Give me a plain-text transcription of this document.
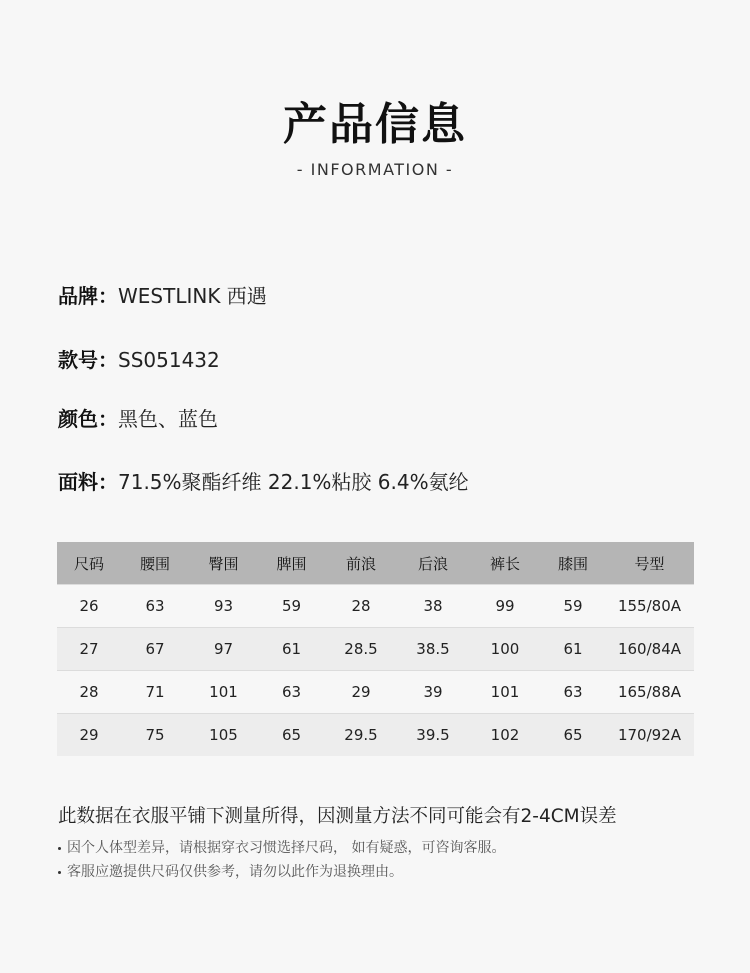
产品信息
- INFORMATION -
品牌：WESTLINK 西遇
款号：SS051432
颜色：黑色、蓝色
面料：71.5%聚酯纤维 22.1%粘胶 6.4%氨纶
尺码	腰围	臀围	脾围	前浪	后浪	裤长	膝围	号型
26	63	93	59	28	38	99	59	155/80A
27	67	97	61	28.5	38.5	100	61	160/84A
28	71	101	63	29	39	101	63	165/88A
29	75	105	65	29.5	39.5	102	65	170/92A
此数据在衣服平铺下测量所得，因测量方法不同可能会有2-4CM误差
因个人体型差异，请根据穿衣习惯选择尺码， 如有疑惑，可咨询客服。
客服应邀提供尺码仅供参考，请勿以此作为退换理由。
